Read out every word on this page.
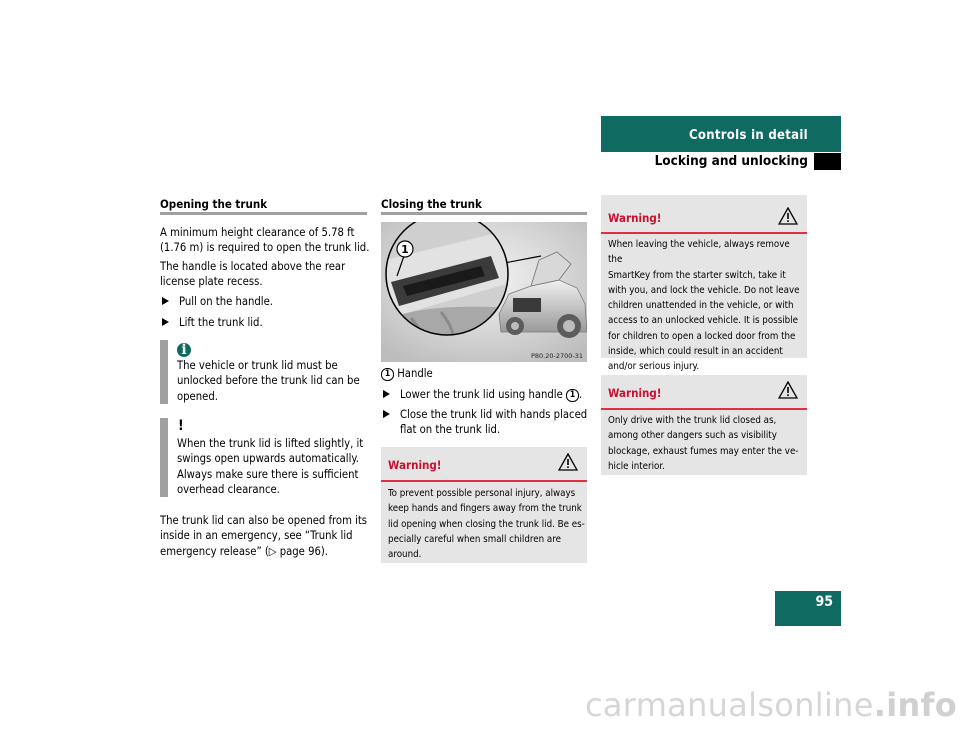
Controls in detail
Locking and unlocking
Opening the trunk
A minimum height clearance of 5.78 ft
(1.76 m) is required to open the trunk lid.
The handle is located above the rear
license plate recess.
Pull on the handle.
Lift the trunk lid.
i
The vehicle or trunk lid must be
unlocked before the trunk lid can be
opened.
!
When the trunk lid is lifted slightly, it
swings open upwards automatically.
Always make sure there is sufficient
overhead clearance.
The trunk lid can also be opened from its
inside in an emergency, see “Trunk lid
emergency release” (▷ page 96).
Closing the trunk
1
P80.20-2700-31
1 Handle
Lower the trunk lid using handle 1 .
Close the trunk lid with hands placed
flat on the trunk lid.
Warning!
To prevent possible personal injury, always
keep hands and fingers away from the trunk
lid opening when closing the trunk lid. Be es-
pecially careful when small children are
around.
Warning!
When leaving the vehicle, always remove the
SmartKey from the starter switch, take it
with you, and lock the vehicle. Do not leave
children unattended in the vehicle, or with
access to an unlocked vehicle. It is possible
for children to open a locked door from the
inside, which could result in an accident
and/or serious injury.
Warning!
Only drive with the trunk lid closed as,
among other dangers such as visibility
blockage, exhaust fumes may enter the ve-
hicle interior.
95
carmanualsonline.info
